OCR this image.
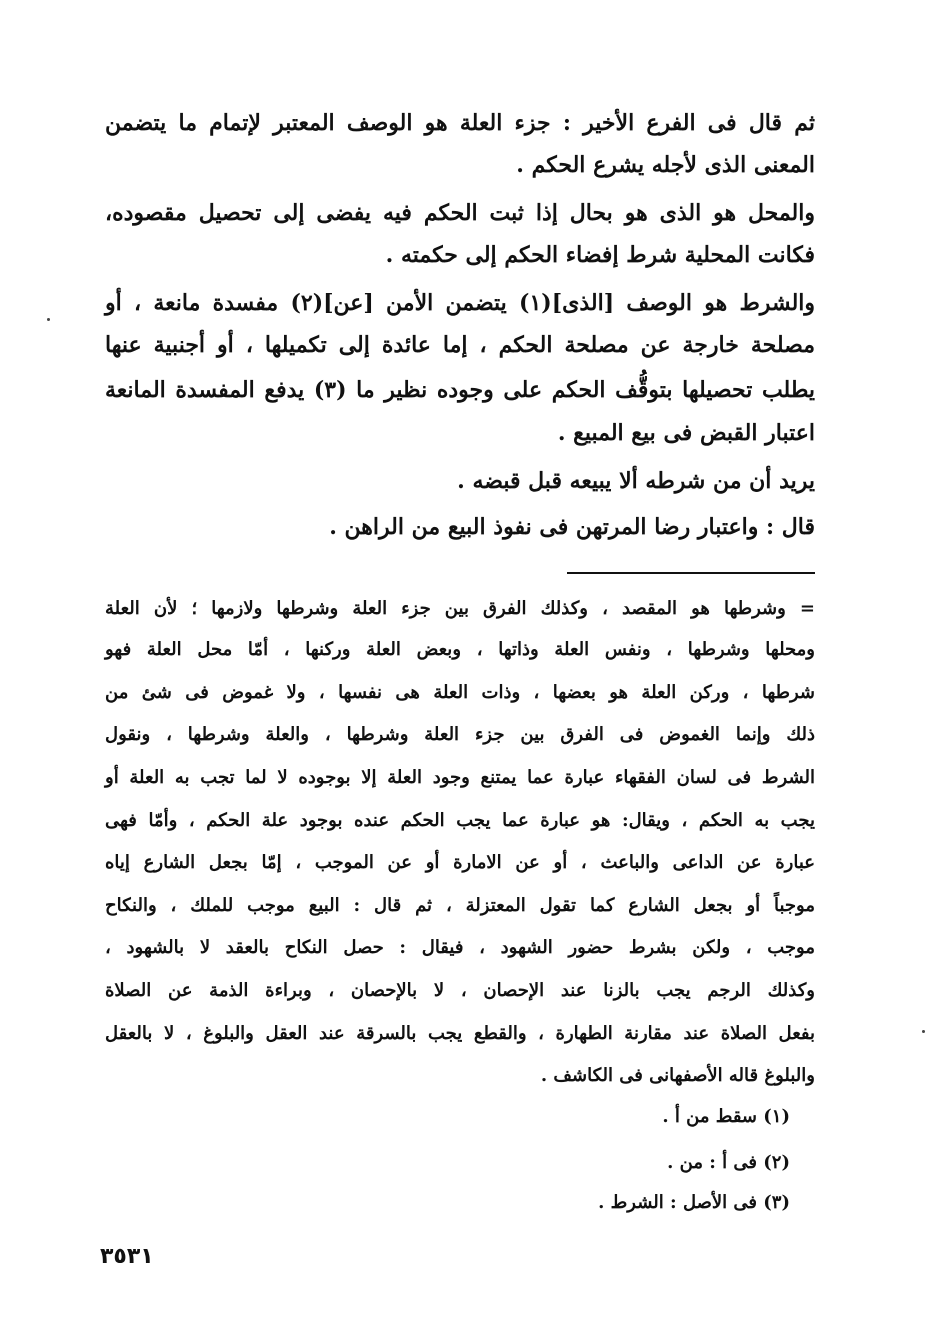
ثم قال فى الفرع الأخير : جزء العلة هو الوصف المعتبر لإتمام ما يتضمن
المعنى الذى لأجله يشرع الحكم .
والمحل هو الذى هو بحال إذا ثبت الحكم فيه يفضى إلى تحصيل مقصوده،
فكانت المحلية شرط إفضاء الحكم إلى حكمته .
والشرط هو الوصف [الذى](١) يتضمن الأمن [عن](٢) مفسدة مانعة ، أو
مصلحة خارجة عن مصلحة الحكم ، إما عائدة إلى تكميلها ، أو أجنبية عنها
يطلب تحصيلها بتوقُّف الحكم على وجوده نظير ما (٣) يدفع المفسدة المانعة
اعتبار القبض فى بيع المبيع .
يريد أن من شرطه ألا يبيعه قبل قبضه .
قال : واعتبار رضا المرتهن فى نفوذ البيع من الراهن .
= وشرطها هو المقصد ، وكذلك الفرق بين جزء العلة وشرطها ولازمها ؛ لأن العلة
ومحلها وشرطها ، ونفس العلة وذاتها ، وبعض العلة وركنها ، أمّا محل العلة فهو
شرطها ، وركن العلة هو بعضها ، وذات العلة هى نفسها ، ولا غموض فى شئ من
ذلك وإنما الغموض فى الفرق بين جزء العلة وشرطها ، والعلة وشرطها ، ونقول
الشرط فى لسان الفقهاء عبارة عما يمتنع وجود العلة إلا بوجوده لا لما تجب به العلة أو
يجب به الحكم ، ويقال: هو عبارة عما يجب الحكم عنده بوجود علة الحكم ، وأمّا فهى
عبارة عن الداعى والباعث ، أو عن الامارة أو عن الموجب ، إمّا بجعل الشارع إياه
موجباً أو بجعل الشارع كما تقول المعتزلة ، ثم قال : البيع موجب للملك ، والنكاح
موجب ، ولكن بشرط حضور الشهود ، فيقال : حصل النكاح بالعقد لا بالشهود ،
وكذلك الرجم يجب بالزنا عند الإحصان ، لا بالإحصان ، وبراءة الذمة عن الصلاة
بفعل الصلاة عند مقارنة الطهارة ، والقطع يجب بالسرقة عند العقل والبلوغ ، لا بالعقل
والبلوغ قاله الأصفهانى فى الكاشف .
(١) سقط من أ .
(٢) فى أ : من .
(٣) فى الأصل : الشرط .
٣٥٣١
